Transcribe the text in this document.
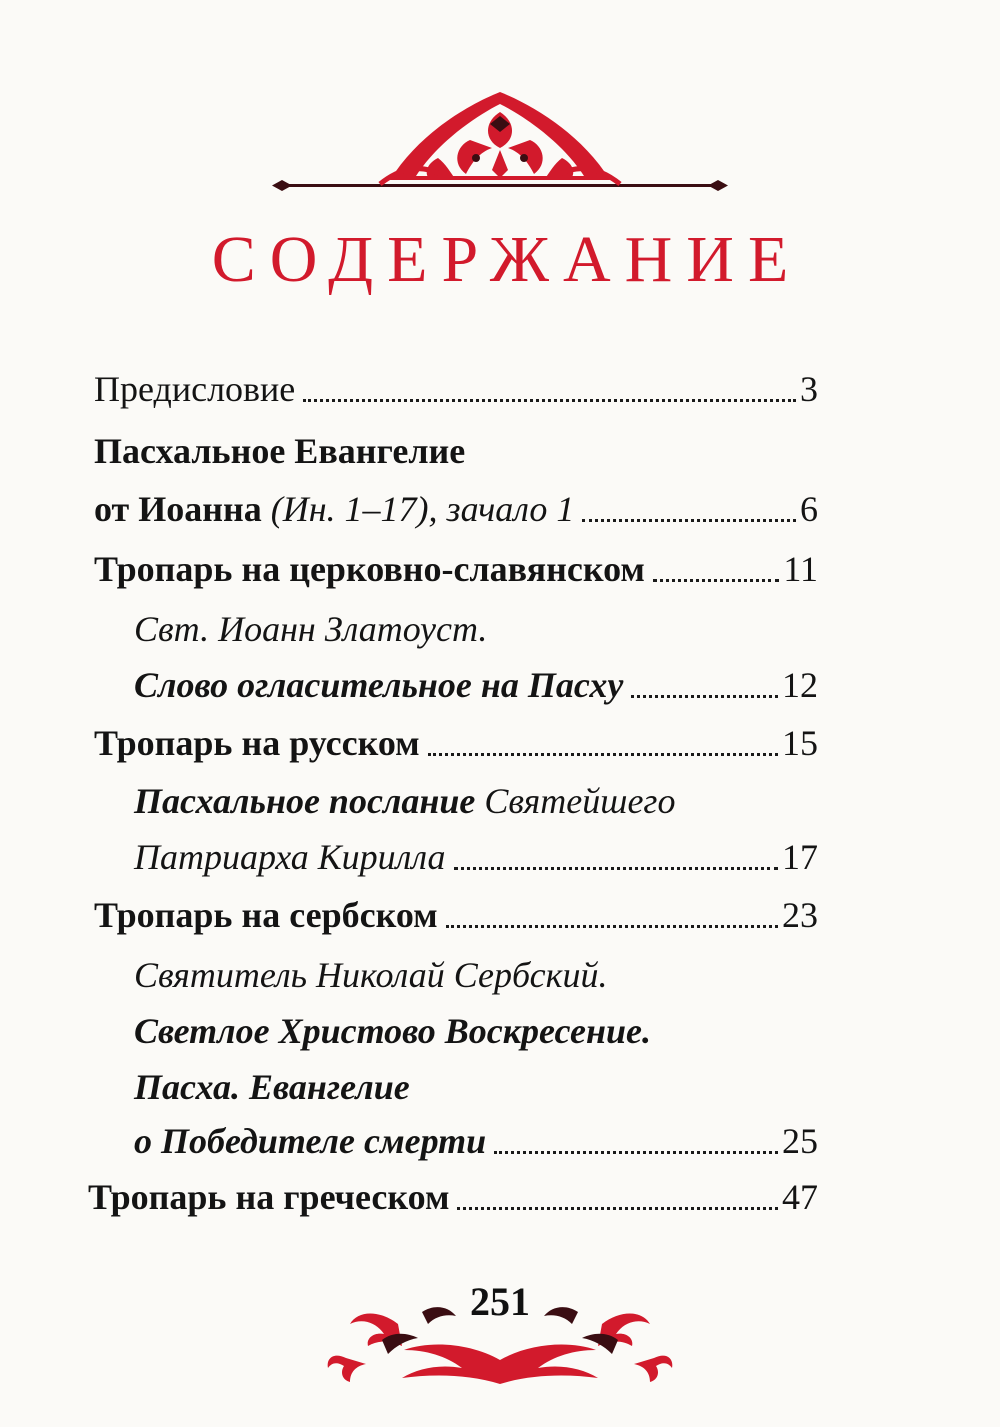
СОДЕРЖАНИЕ
Предисловие	3
Пасхальное Евангелие
от Иоанна (Ин. 1–17), зачало 1	6
Тропарь на церковно-славянском	11
Свт. Иоанн Златоуст.
Слово огласительное на Пасху	12
Тропарь на русском	15
Пасхальное послание Святейшего
Патриарха Кирилла	17
Тропарь на сербском	23
Святитель Николай Сербский.
Светлое Христово Воскресение.
Пасха. Евангелие
о Победителе смерти	25
Тропарь на греческом	47
251
